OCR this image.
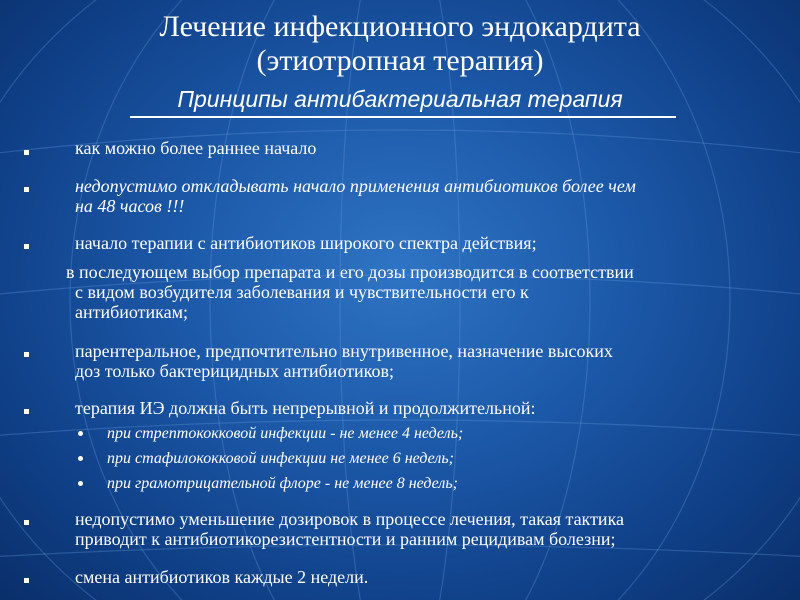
Лечение инфекционного эндокардита
(этиотропная терапия)
Принципы антибактериальная терапия

как можно более раннее начало

недопустимо откладывать начало применения антибиотиков более чем

на 48 часов !!!

начало терапии с антибиотиков широкого спектра действия;

в последующем выбор препарата и его дозы производится в соответствии

с видом возбудителя заболевания и чувствительности его к

антибиотикам;

парентеральное, предпочтительно внутривенное, назначение высоких

доз только бактерицидных антибиотиков;

терапия ИЭ должна быть непрерывной и продолжительной:

при стрептококковой инфекции - не менее 4 недель;
при стафилококковой инфекции не менее 6 недель;
при грамотрицательной флоре - не менее 8 недель;

недопустимо уменьшение дозировок в процессе лечения, такая тактика

приводит к антибиотикорезистентности и ранним рецидивам болезни;

смена антибиотиков каждые 2 недели.
